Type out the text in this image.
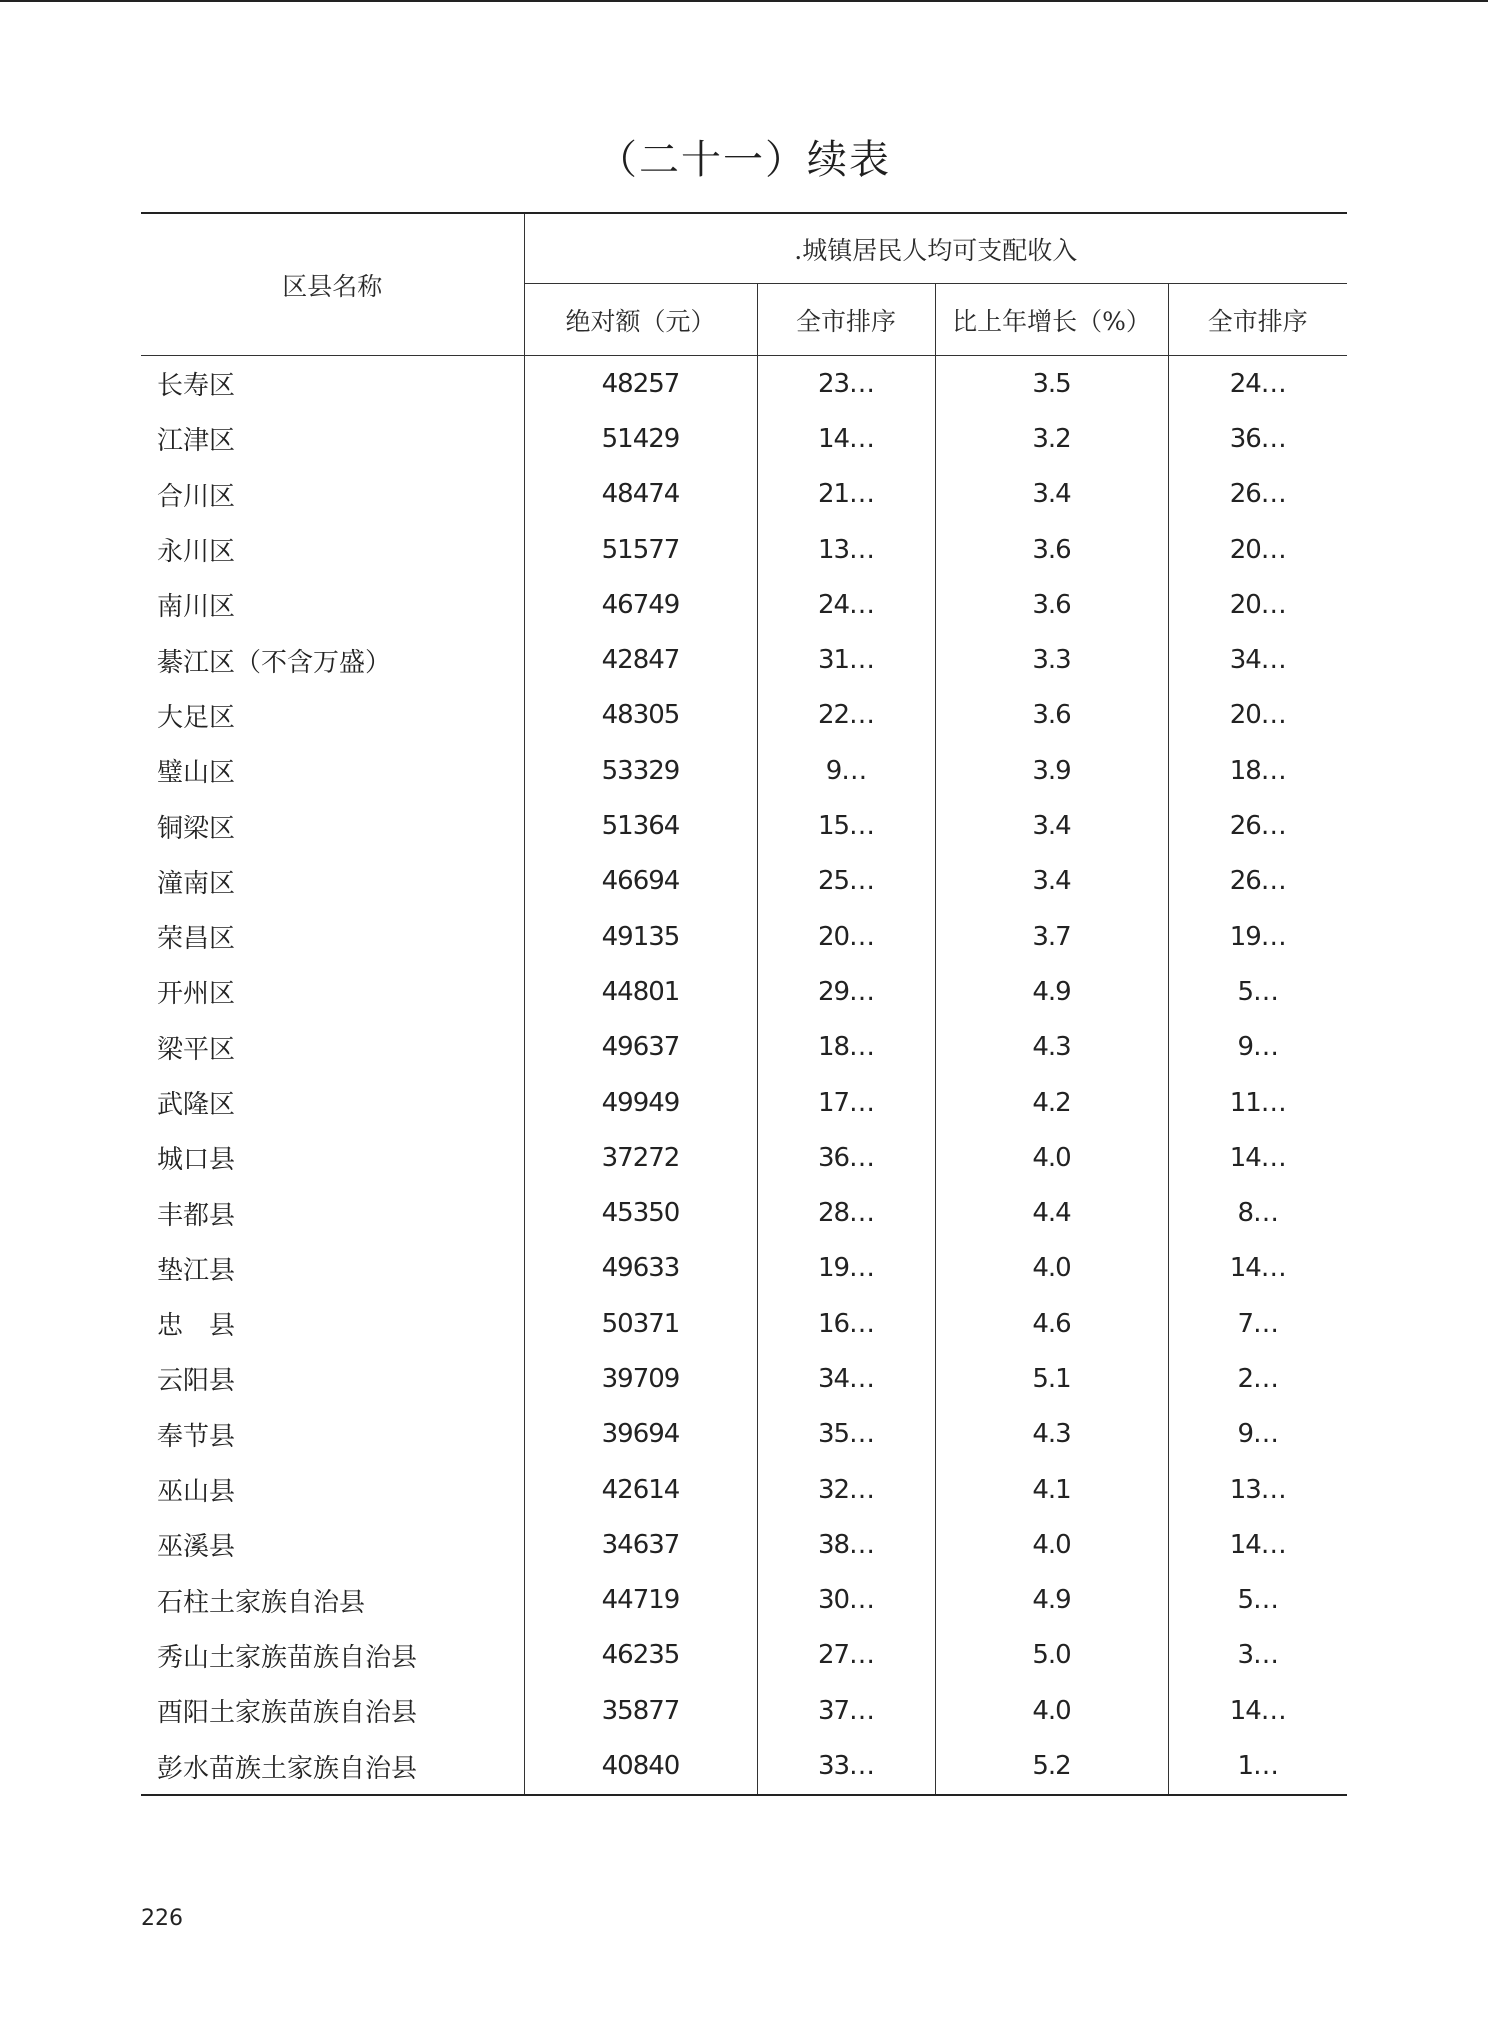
（二十一）续表
区县名称	.城镇居民人均可支配收入			
	绝对额（元）	全市排序	比上年增长（%）	全市排序
长寿区	48257	23…	3.5	24…
江津区	51429	14…	3.2	36…
合川区	48474	21…	3.4	26…
永川区	51577	13…	3.6	20…
南川区	46749	24…	3.6	20…
綦江区（不含万盛）	42847	31…	3.3	34…
大足区	48305	22…	3.6	20…
璧山区	53329	9…	3.9	18…
铜梁区	51364	15…	3.4	26…
潼南区	46694	25…	3.4	26…
荣昌区	49135	20…	3.7	19…
开州区	44801	29…	4.9	5…
梁平区	49637	18…	4.3	9…
武隆区	49949	17…	4.2	11…
城口县	37272	36…	4.0	14…
丰都县	45350	28…	4.4	8…
垫江县	49633	19…	4.0	14…
忠　县	50371	16…	4.6	7…
云阳县	39709	34…	5.1	2…
奉节县	39694	35…	4.3	9…
巫山县	42614	32…	4.1	13…
巫溪县	34637	38…	4.0	14…
石柱土家族自治县	44719	30…	4.9	5…
秀山土家族苗族自治县	46235	27…	5.0	3…
酉阳土家族苗族自治县	35877	37…	4.0	14…
彭水苗族土家族自治县	40840	33…	5.2	1…
226
